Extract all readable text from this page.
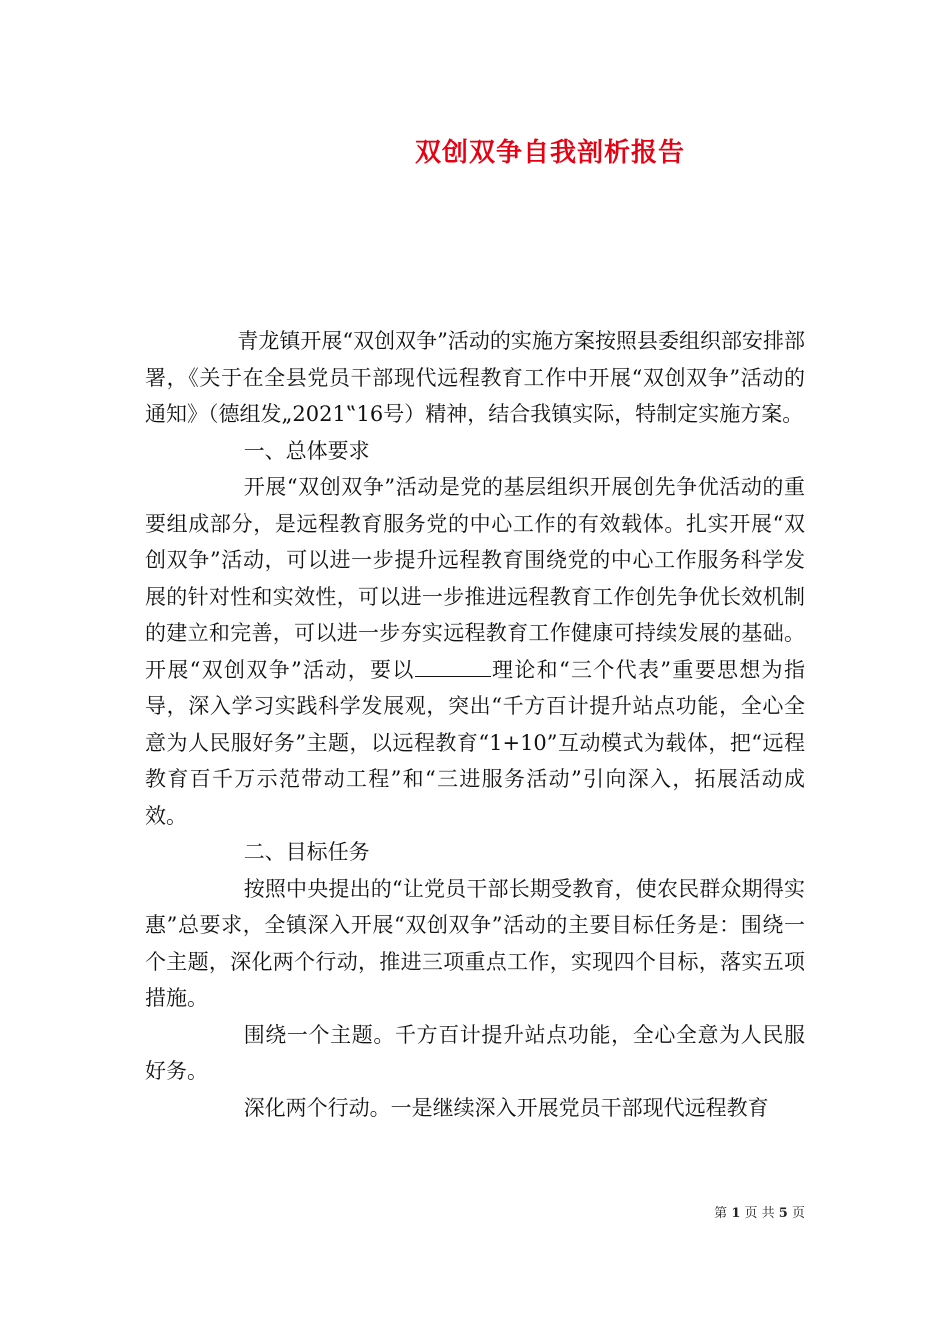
双创双争自我剖析报告

青龙镇开展“双创双争”活动的实施方案按照县委组织部安排部署，《关于在全县党员干部现代远程教育工作中开展“双创双争”活动的通知》（德组发„2021‟16号）精神，结合我镇实际，特制定实施方案。

一、总体要求

开展“双创双争”活动是党的基层组织开展创先争优活动的重要组成部分，是远程教育服务党的中心工作的有效载体。扎实开展“双创双争”活动，可以进一步提升远程教育围绕党的中心工作服务科学发展的针对性和实效性，可以进一步推进远程教育工作创先争优长效机制的建立和完善，可以进一步夯实远程教育工作健康可持续发展的基础。开展“双创双争”活动，要以	理论和“三个代表”重要思想为指导，深入学习实践科学发展观，突出“千方百计提升站点功能，全心全意为人民服好务”主题，以远程教育“1+10”互动模式为载体，把“远程教育百千万示范带动工程”和“三进服务活动”引向深入，拓展活动成效。

二、目标任务

按照中央提出的“让党员干部长期受教育，使农民群众期得实惠”总要求，全镇深入开展“双创双争”活动的主要目标任务是：围绕一个主题，深化两个行动，推进三项重点工作，实现四个目标，落实五项措施。

围绕一个主题。千方百计提升站点功能，全心全意为人民服好务。

深化两个行动。一是继续深入开展党员干部现代远程教育

第 1 页 共 5 页
